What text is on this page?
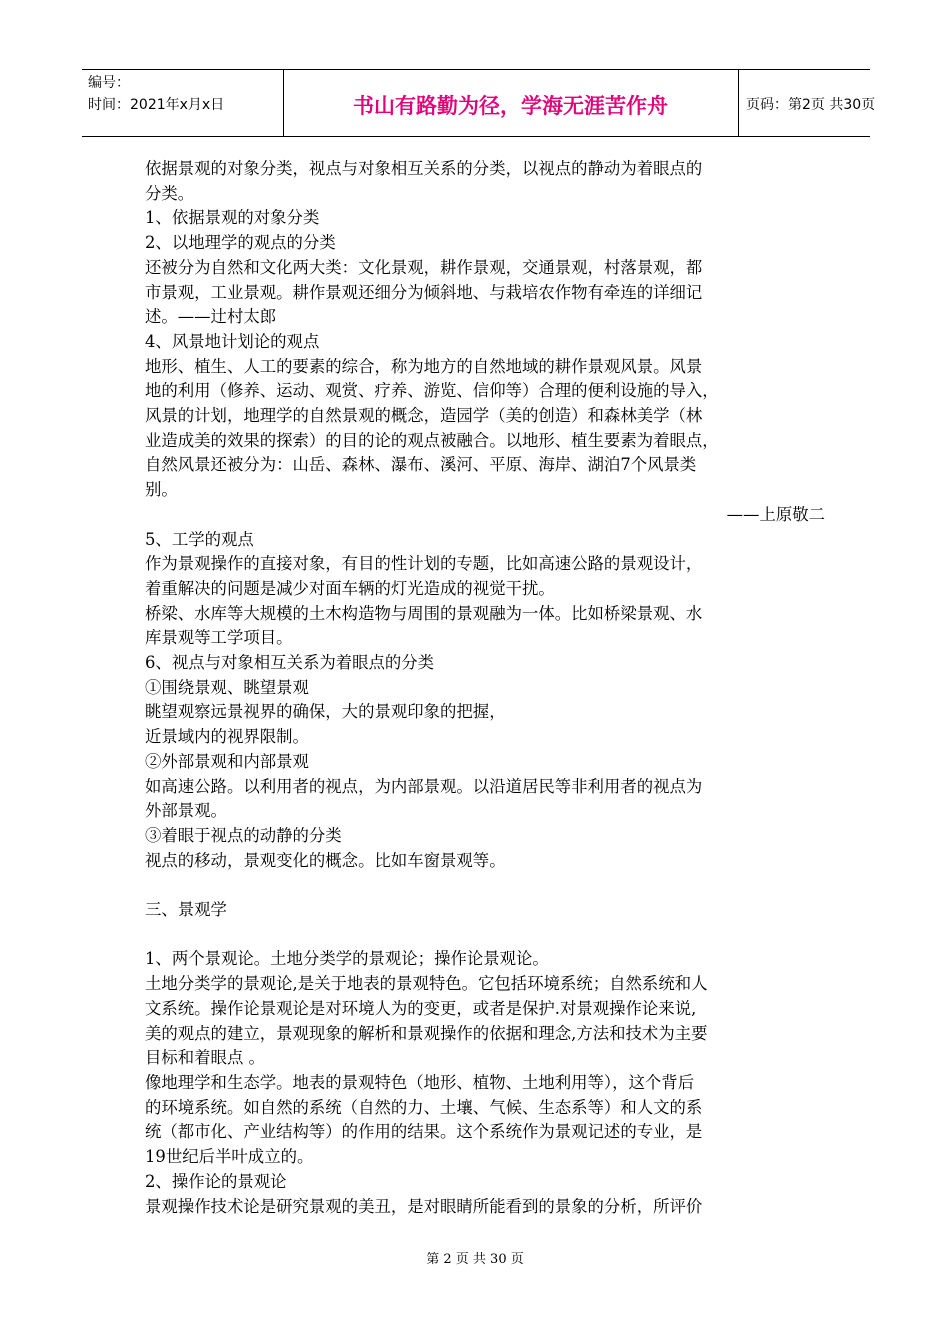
编号：
时间：2021年x月x日	书山有路勤为径，学海无涯苦作舟	页码：第2页 共30页

依据景观的对象分类，视点与对象相互关系的分类，以视点的静动为着眼点的

分类。

1、依据景观的对象分类

2、以地理学的观点的分类

还被分为自然和文化两大类：文化景观，耕作景观，交通景观，村落景观，都

市景观，工业景观。耕作景观还细分为倾斜地、与栽培农作物有牵连的详细记

述。——辻村太郎

4、风景地计划论的观点

地形、植生、人工的要素的综合，称为地方的自然地域的耕作景观风景。风景

地的利用（修养、运动、观赏、疗养、游览、信仰等）合理的便利设施的导入，

风景的计划，地理学的自然景观的概念，造园学（美的创造）和森林美学（林

业造成美的效果的探索）的目的论的观点被融合。以地形、植生要素为着眼点，

自然风景还被分为：山岳、森林、瀑布、溪河、平原、海岸、湖泊7个风景类

别。

——上原敬二

5、工学的观点

作为景观操作的直接对象，有目的性计划的专题，比如高速公路的景观设计，

着重解决的问题是减少对面车辆的灯光造成的视觉干扰。

桥梁、水库等大规模的土木构造物与周围的景观融为一体。比如桥梁景观、水

库景观等工学项目。

6、视点与对象相互关系为着眼点的分类

①围绕景观、眺望景观

眺望观察远景视界的确保，大的景观印象的把握，

近景域内的视界限制。

②外部景观和内部景观

如高速公路。以利用者的视点，为内部景观。以沿道居民等非利用者的视点为

外部景观。

③着眼于视点的动静的分类

视点的移动，景观变化的概念。比如车窗景观等。

三、景观学

1、两个景观论。土地分类学的景观论；操作论景观论。

土地分类学的景观论,是关于地表的景观特色。它包括环境系统；自然系统和人

文系统。操作论景观论是对环境人为的变更，或者是保护.对景观操作论来说,

美的观点的建立，景观现象的解析和景观操作的依据和理念,方法和技术为主要

目标和着眼点 。

像地理学和生态学。地表的景观特色（地形、植物、土地利用等），这个背后

的环境系统。如自然的系统（自然的力、土壤、气候、生态系等）和人文的系

统（都市化、产业结构等）的作用的结果。这个系统作为景观记述的专业，是

19世纪后半叶成立的。

2、操作论的景观论

景观操作技术论是研究景观的美丑，是对眼睛所能看到的景象的分析，所评价

第 2 页 共 30 页
